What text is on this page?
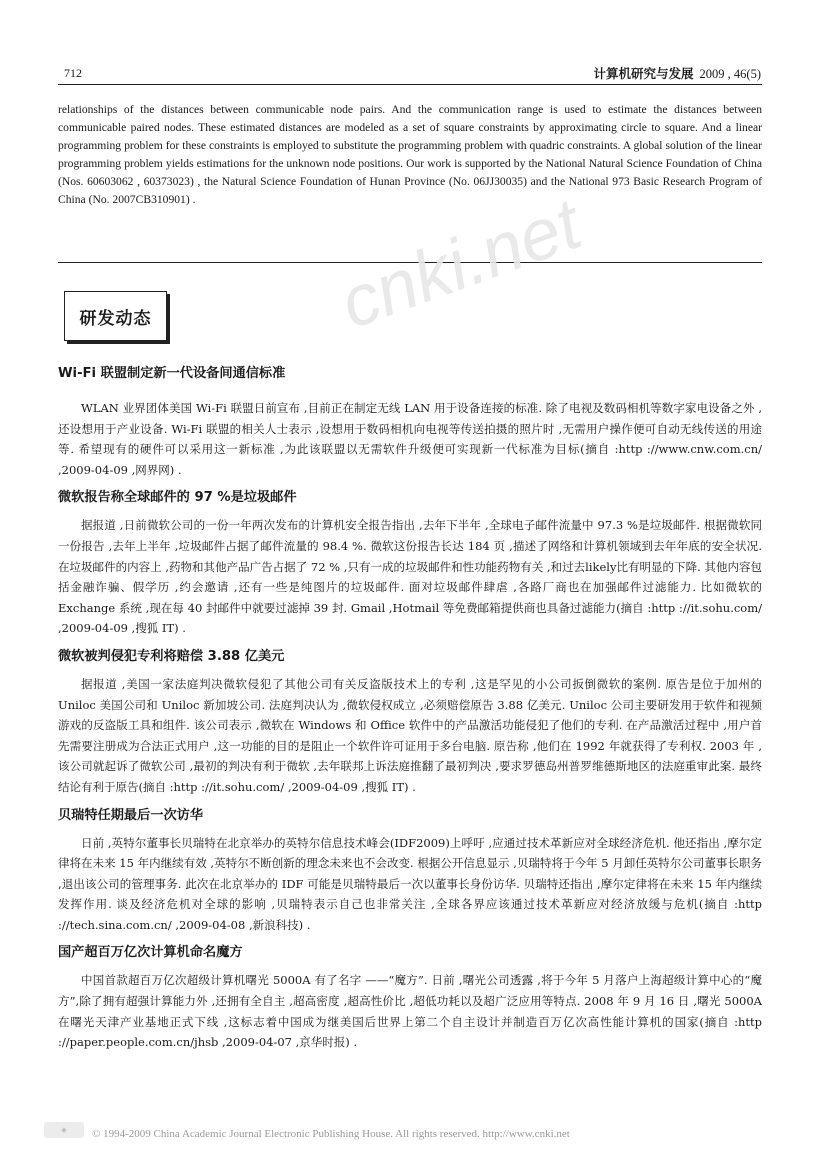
712	计算机研究与发展 2009 , 46(5)

relationships of the distances between communicable node pairs. And the communication range is used to estimate the distances between communicable paired nodes. These estimated distances are modeled as a set of square constraints by approximating circle to square. And a linear programming problem for these constraints is employed to substitute the programming problem with quadric constraints. A global solution of the linear programming problem yields estimations for the unknown node positions. Our work is supported by the National Natural Science Foundation of China (Nos. 60603062 , 60373023) , the Natural Science Foundation of Hunan Province (No. 06JJ30035) and the National 973 Basic Research Program of China (No. 2007CB310901) .	cnki.net
研发动态
Wi-Fi 联盟制定新一代设备间通信标准

WLAN 业界团体美国 Wi-Fi 联盟日前宣布 ,目前正在制定无线 LAN 用于设备连接的标准. 除了电视及数码相机等数字家电设备之外 ,还设想用于产业设备. Wi-Fi 联盟的相关人士表示 ,设想用于数码相机向电视等传送拍摄的照片时 ,无需用户操作便可自动无线传送的用途等. 希望现有的硬件可以采用这一新标准 ,为此该联盟以无需软件升级便可实现新一代标准为目标(摘自 :http ://www.cnw.com.cn/ ,2009-04-09 ,网界网) .

微软报告称全球邮件的 97 %是垃圾邮件

据报道 ,日前微软公司的一份一年两次发布的计算机安全报告指出 ,去年下半年 ,全球电子邮件流量中 97.3 %是垃圾邮件. 根据微软同一份报告 ,去年上半年 ,垃圾邮件占据了邮件流量的 98.4 %. 微软这份报告长达 184 页 ,描述了网络和计算机领域到去年年底的安全状况. 在垃圾邮件的内容上 ,药物和其他产品广告占据了 72 % ,只有一成的垃圾邮件和性功能药物有关 ,和过去likely比有明显的下降. 其他内容包括金融诈骗、假学历 ,约会邀请 ,还有一些是纯图片的垃圾邮件. 面对垃圾邮件肆虐 ,各路厂商也在加强邮件过滤能力. 比如微软的 Exchange 系统 ,现在每 40 封邮件中就要过滤掉 39 封. Gmail ,Hotmail 等免费邮箱提供商也具备过滤能力(摘自 :http ://it.sohu.com/ ,2009-04-09 ,搜狐 IT) .

微软被判侵犯专利将赔偿 3.88 亿美元

据报道 ,美国一家法庭判决微软侵犯了其他公司有关反盗版技术上的专利 ,这是罕见的小公司扳倒微软的案例. 原告是位于加州的 Uniloc 美国公司和 Uniloc 新加坡公司. 法庭判决认为 ,微软侵权成立 ,必须赔偿原告 3.88 亿美元. Uniloc 公司主要研发用于软件和视频游戏的反盗版工具和组件. 该公司表示 ,微软在 Windows 和 Office 软件中的产品激活功能侵犯了他们的专利. 在产品激活过程中 ,用户首先需要注册成为合法正式用户 ,这一功能的目的是阻止一个软件许可证用于多台电脑. 原告称 ,他们在 1992 年就获得了专利权. 2003 年 ,该公司就起诉了微软公司 ,最初的判决有利于微软 ,去年联邦上诉法庭推翻了最初判决 ,要求罗德岛州普罗维德斯地区的法庭重审此案. 最终结论有利于原告(摘自 :http ://it.sohu.com/ ,2009-04-09 ,搜狐 IT) .

贝瑞特任期最后一次访华

日前 ,英特尔董事长贝瑞特在北京举办的英特尔信息技术峰会(IDF2009)上呼吁 ,应通过技术革新应对全球经济危机. 他还指出 ,摩尔定律将在未来 15 年内继续有效 ,英特尔不断创新的理念未来也不会改变. 根据公开信息显示 ,贝瑞特将于今年 5 月卸任英特尔公司董事长职务 ,退出该公司的管理事务. 此次在北京举办的 IDF 可能是贝瑞特最后一次以董事长身份访华. 贝瑞特还指出 ,摩尔定律将在未来 15 年内继续发挥作用. 谈及经济危机对全球的影响 ,贝瑞特表示自己也非常关注 ,全球各界应该通过技术革新应对经济放缓与危机(摘自 :http ://tech.sina.com.cn/ ,2009-04-08 ,新浪科技) .

国产超百万亿次计算机命名魔方

中国首款超百万亿次超级计算机曙光 5000A 有了名字 ——“魔方”. 日前 ,曙光公司透露 ,将于今年 5 月落户上海超级计算中心的“魔方”,除了拥有超强计算能力外 ,还拥有全自主 ,超高密度 ,超高性价比 ,超低功耗以及超广泛应用等特点. 2008 年 9 月 16 日 ,曙光 5000A 在曙光天津产业基地正式下线 ,这标志着中国成为继美国后世界上第二个自主设计并制造百万亿次高性能计算机的国家(摘自 :http ://paper.people.com.cn/jhsb ,2009-04-07 ,京华时报) .

◈	© 1994-2009 China Academic Journal Electronic Publishing House. All rights reserved. http://www.cnki.net
